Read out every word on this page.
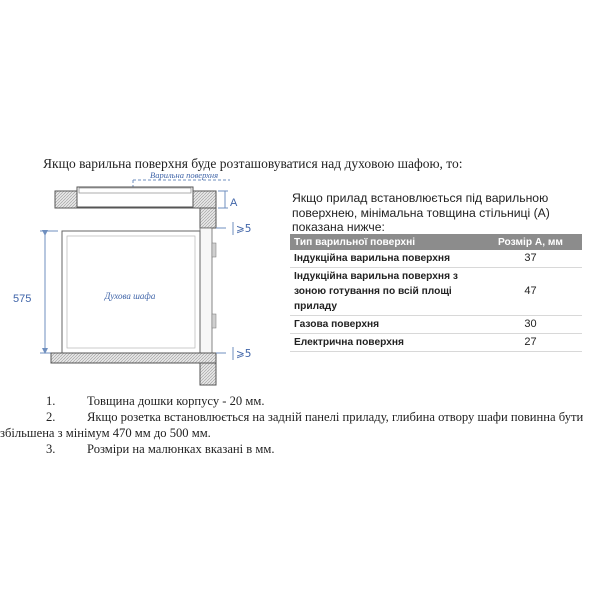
Якщо варильна поверхня буде розташовуватися над духовою шафою, то:
Варильна поверхня
A
⩾5
Духова шафа
575
⩾5
Якщо прилад встановлюється під варильною поверхнею, мінімальна товщина стільниці (A) показана нижче:
Тип варильної поверхні	Розмір А, мм
Індукційна варильна поверхня	37
Індукційна варильна поверхня з зоною готування по всій площі приладу	47
Газова поверхня	30
Електрична поверхня	27
1.	Товщина дошки корпусу - 20 мм.
2.	Якщо розетка встановлюється на задній панелі приладу, глибина отвору шафи повинна бути збільшена з мінімум 470 мм до 500 мм.
3.	Розміри на малюнках вказані в мм.
